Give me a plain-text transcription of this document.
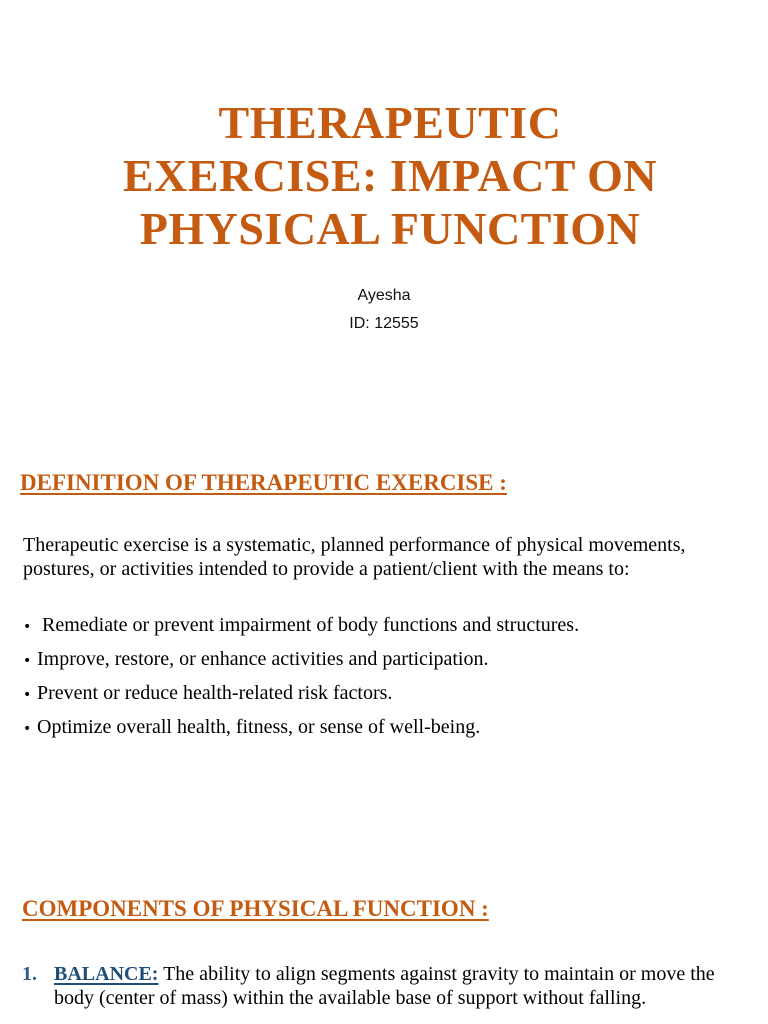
THERAPEUTIC
EXERCISE: IMPACT ON
PHYSICAL FUNCTION
Ayesha
ID: 12555
DEFINITION OF THERAPEUTIC EXERCISE :

Therapeutic exercise is a systematic, planned performance of physical movements, postures, or activities intended to provide a patient/client with the means to:

• Remediate or prevent impairment of body functions and structures.
• Improve, restore, or enhance activities and participation.
• Prevent or reduce health-related risk factors.
• Optimize overall health, fitness, or sense of well-being.
COMPONENTS OF PHYSICAL FUNCTION :
1. BALANCE: The ability to align segments against gravity to maintain or move the body (center of mass) within the available base of support without falling.
